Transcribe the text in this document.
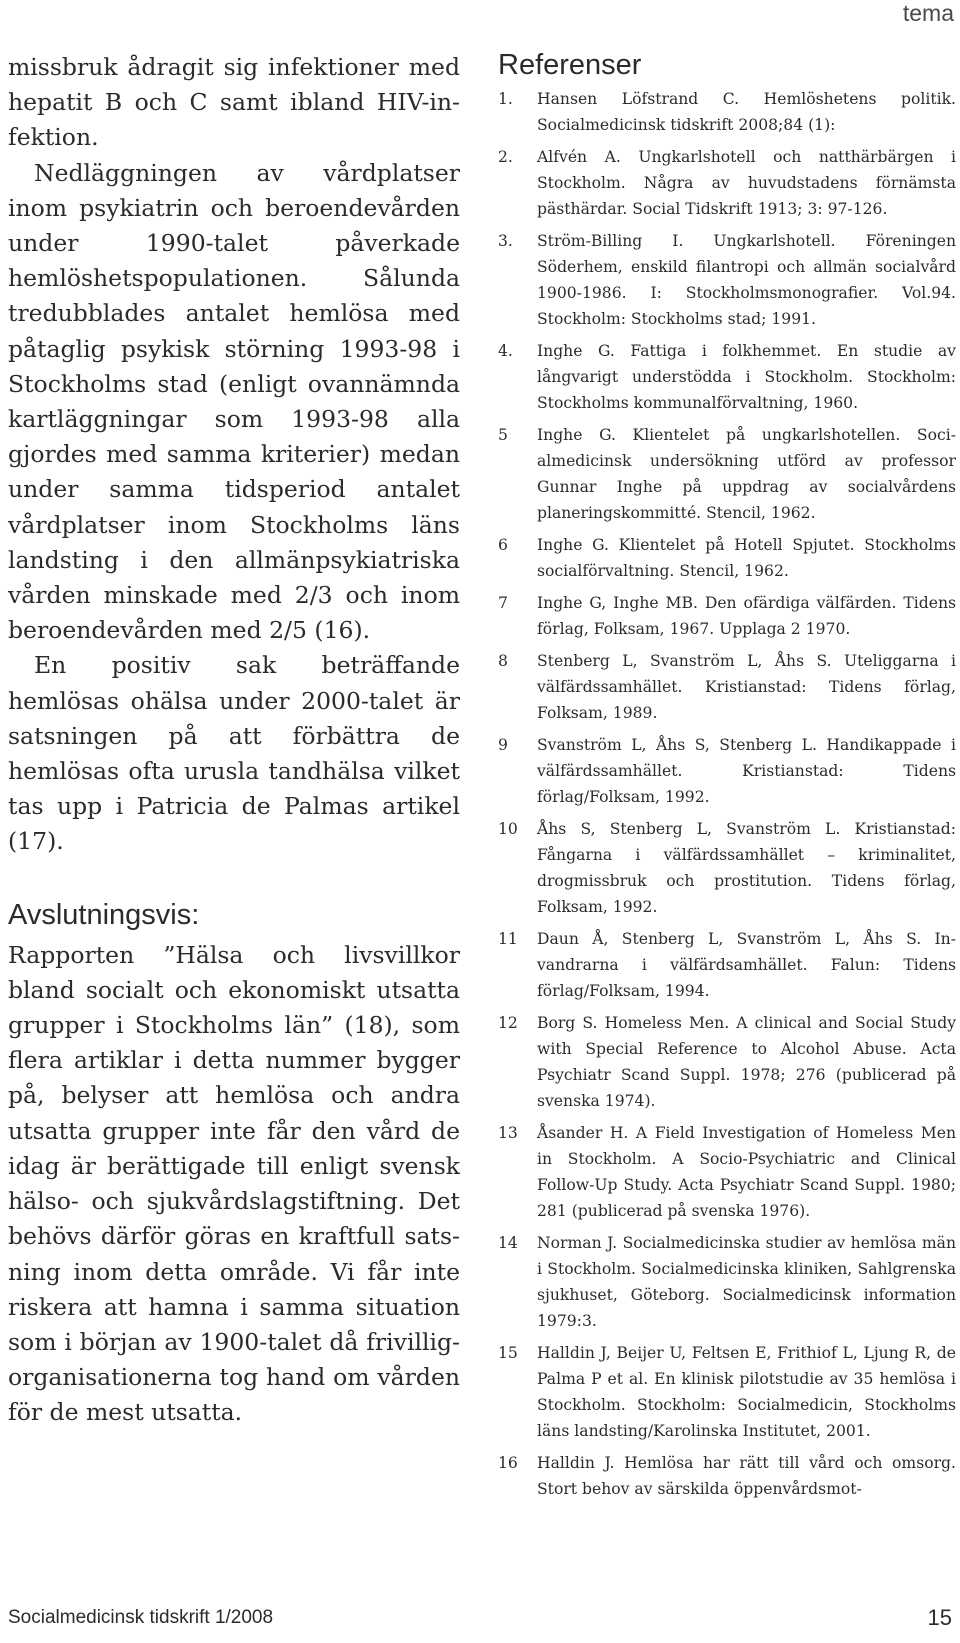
tema

missbruk ådragit sig infektioner med hepatit B och C samt ibland HIV-infektion.

Nedläggningen av vårdplatser inom psykiatrin och beroendevården under 1990-talet påverkade hemlöshetspopulationen. Sålunda tredubblades antalet hemlösa med påtaglig psykisk störning 1993-98 i Stockholms stad (enligt ovannämnda kartläggningar som 1993-98 alla gjordes med samma kriterier) medan under samma tidsperiod antalet vårdplatser inom Stockholms läns landsting i den allmänpsykiatriska vården minskade med 2/3 och inom beroendevården med 2/5 (16).

En positiv sak beträffande hemlösas ohälsa under 2000-talet är satsningen på att förbättra de hemlösas ofta urusla tandhälsa vilket tas upp i Patricia de Palmas artikel (17).

Avslutningsvis:

Rapporten ”Hälsa och livsvillkor bland socialt och ekonomiskt utsatta grupper i Stockholms län” (18), som flera artiklar i detta nummer bygger på, belyser att hemlösa och andra utsatta grupper inte får den vård de idag är berättigade till enligt svensk hälso- och sjukvårdslagstiftning. Det behövs därför göras en kraftfull satsning inom detta område. Vi får inte riskera att hamna i samma situation som i början av 1900-talet då frivilligorganisationerna tog hand om vården för de mest utsatta.

Referenser
1. Hansen Löfstrand C. Hemlöshetens politik. Socialmedicinsk tidskrift 2008;84 (1):
2. Alfvén A. Ungkarlshotell och natthärbärgen i Stockholm. Några av huvudstadens förnämsta pästhärdar. Social Tidskrift 1913; 3: 97-126.
3. Ström-Billing I. Ungkarlshotell. Föreningen Söderhem, enskild filantropi och allmän socialvård 1900-1986. I: Stockholmsmonografier. Vol.94. Stockholm: Stockholms stad; 1991.
4. Inghe G. Fattiga i folkhemmet. En studie av långvarigt understödda i Stockholm. Stockholm: Stockholms kommunalförvaltning, 1960.
5 Inghe G. Klientelet på ungkarlshotellen. Socialmedicinsk undersökning utförd av professor Gunnar Inghe på uppdrag av socialvårdens planeringskommitté. Stencil, 1962.
6 Inghe G. Klientelet på Hotell Spjutet. Stockholms socialförvaltning. Stencil, 1962.
7 Inghe G, Inghe MB. Den ofärdiga välfärden. Tidens förlag, Folksam, 1967. Upplaga 2 1970.
8 Stenberg L, Svanström L, Åhs S. Uteliggarna i välfärdssamhället. Kristianstad: Tidens förlag, Folksam, 1989.
9 Svanström L, Åhs S, Stenberg L. Handikappade i välfärdssamhället. Kristianstad: Tidens förlag/Folksam, 1992.
10 Åhs S, Stenberg L, Svanström L. Kristianstad: Fångarna i välfärdssamhället – kriminalitet, drogmissbruk och prostitution. Tidens förlag, Folksam, 1992.
11 Daun Å, Stenberg L, Svanström L, Åhs S. Invandrarna i välfärdsamhället. Falun: Tidens förlag/Folksam, 1994.
12 Borg S. Homeless Men. A clinical and Social Study with Special Reference to Alcohol Abuse. Acta Psychiatr Scand Suppl. 1978; 276 (publicerad på svenska 1974).
13 Åsander H. A Field Investigation of Homeless Men in Stockholm. A Socio-Psychiatric and Clinical Follow-Up Study. Acta Psychiatr Scand Suppl. 1980; 281 (publicerad på svenska 1976).
14 Norman J. Socialmedicinska studier av hemlösa män i Stockholm. Socialmedicinska kliniken, Sahlgrenska sjukhuset, Göteborg. Socialmedicinsk information 1979:3.
15 Halldin J, Beijer U, Feltsen E, Frithiof L, Ljung R, de Palma P et al. En klinisk pilotstudie av 35 hemlösa i Stockholm. Stockholm: Socialmedicin, Stockholms läns landsting/Karolinska Institutet, 2001.
16 Halldin J. Hemlösa har rätt till vård och omsorg. Stort behov av särskilda öppenvårdsmot-
Socialmedicinsk tidskrift 1/2008	15
